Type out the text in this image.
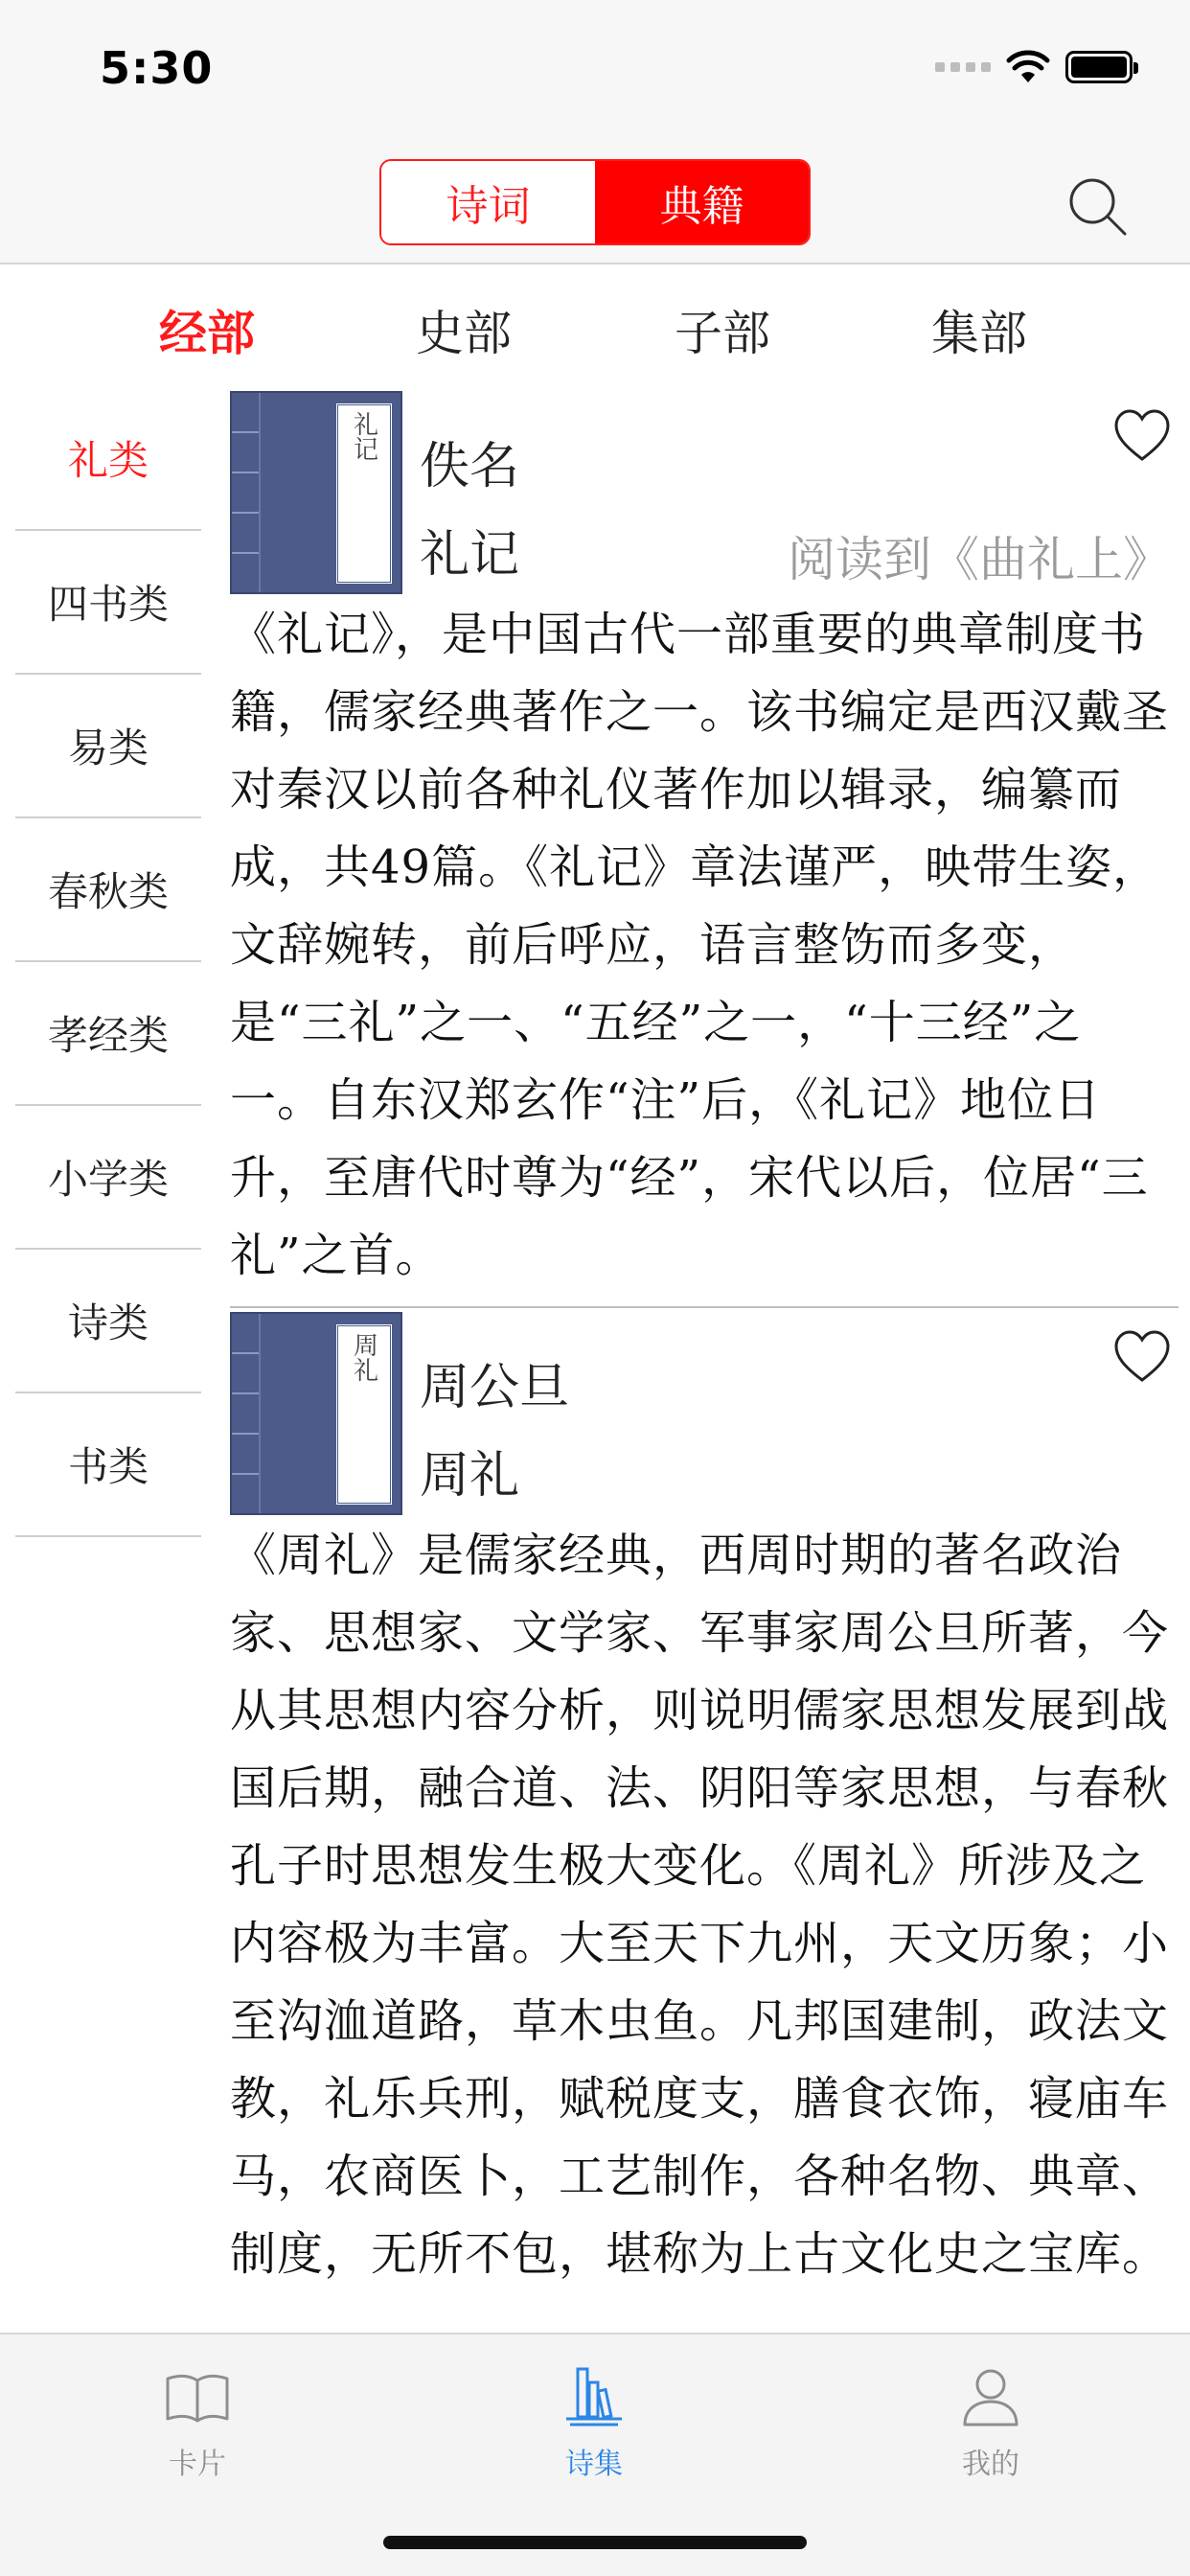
5:30
诗词	典籍
经部	史部	子部	集部
礼类
四书类
易类
春秋类
孝经类
小学类
诗类
书类
礼记
佚名
礼记	阅读到《曲礼上》
《礼记》，是中国古代一部重要的典章制度书籍，儒家经典著作之一。该书编定是西汉戴圣对秦汉以前各种礼仪著作加以辑录，编纂而成，共49篇。《礼记》章法谨严，映带生姿，文辞婉转，前后呼应，语言整饬而多变，是“三礼”之一、“五经”之一，“十三经”之一。自东汉郑玄作“注”后，《礼记》地位日升，至唐代时尊为“经”，宋代以后，位居“三礼”之首。
周礼
周公旦
周礼
《周礼》是儒家经典，西周时期的著名政治家、思想家、文学家、军事家周公旦所著，今从其思想内容分析，则说明儒家思想发展到战国后期，融合道、法、阴阳等家思想，与春秋孔子时思想发生极大变化。《周礼》所涉及之内容极为丰富。大至天下九州，天文历象；小至沟洫道路，草木虫鱼。凡邦国建制，政法文教，礼乐兵刑，赋税度支，膳食衣饰，寝庙车马，农商医卜，工艺制作，各种名物、典章、制度，无所不包，堪称为上古文化史之宝库。
卡片	诗集	我的
